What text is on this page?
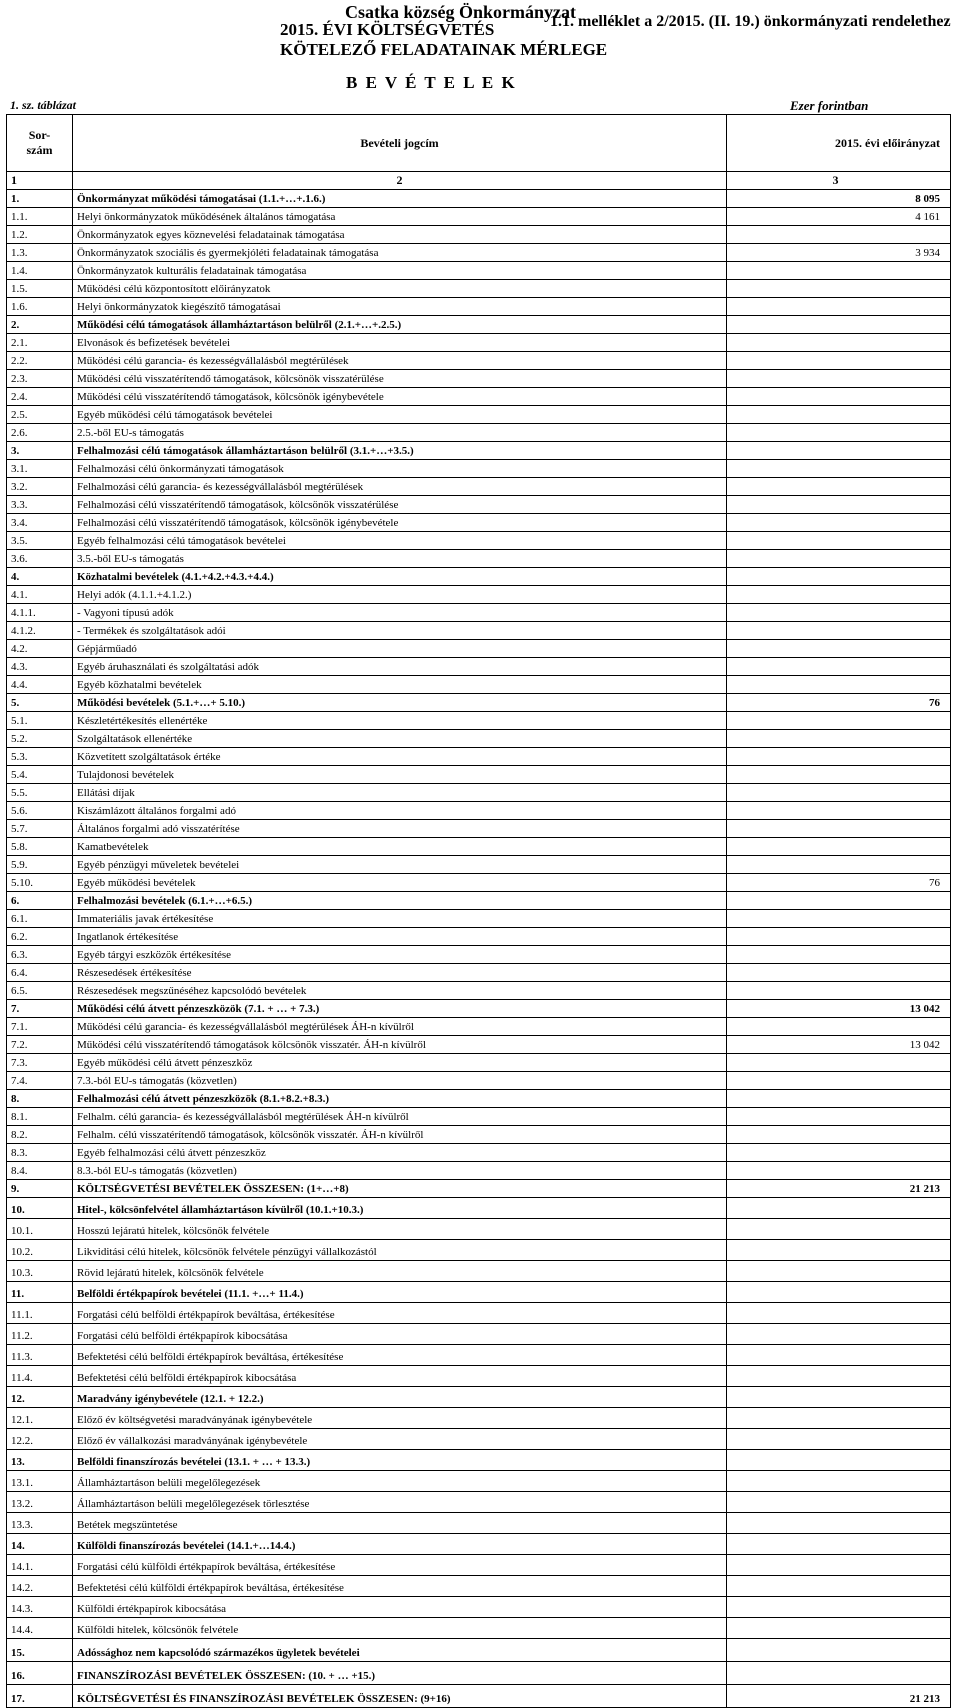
Csatka község Önkormányzat
2015. ÉVI KÖLTSÉGVETÉS	1.1. melléklet a 2/2015. (II. 19.) önkormányzati rendelethez
KÖTELEZŐ FELADATAINAK MÉRLEGE
B E V É T E L E K
1. sz. táblázat	Ezer forintban
Sor-
szám	Bevételi jogcím	2015. évi előirányzat
1	2	3
1.	Önkormányzat működési támogatásai (1.1.+…+.1.6.)	8 095
1.1.	Helyi önkormányzatok működésének általános támogatása	4 161
1.2.	Önkormányzatok egyes köznevelési feladatainak támogatása	
1.3.	Önkormányzatok szociális és gyermekjóléti feladatainak támogatása	3 934
1.4.	Önkormányzatok kulturális feladatainak támogatása	
1.5.	Működési célú központosított előirányzatok	
1.6.	Helyi önkormányzatok kiegészítő támogatásai	
2.	Működési célú támogatások államháztartáson belülről (2.1.+…+.2.5.)	
2.1.	Elvonások és befizetések bevételei	
2.2.	Működési célú garancia- és kezességvállalásból megtérülések	
2.3.	Működési célú visszatérítendő támogatások, kölcsönök visszatérülése	
2.4.	Működési célú visszatérítendő támogatások, kölcsönök igénybevétele	
2.5.	Egyéb működési célú támogatások bevételei	
2.6.	2.5.-ből EU-s támogatás	
3.	Felhalmozási célú támogatások államháztartáson belülről (3.1.+…+3.5.)	
3.1.	Felhalmozási célú önkormányzati támogatások	
3.2.	Felhalmozási célú garancia- és kezességvállalásból megtérülések	
3.3.	Felhalmozási célú visszatérítendő támogatások, kölcsönök visszatérülése	
3.4.	Felhalmozási célú visszatérítendő támogatások, kölcsönök igénybevétele	
3.5.	Egyéb felhalmozási célú támogatások bevételei	
3.6.	3.5.-ből EU-s támogatás	
4.	Közhatalmi bevételek (4.1.+4.2.+4.3.+4.4.)	
4.1.	Helyi adók (4.1.1.+4.1.2.)	
4.1.1.	- Vagyoni típusú adók	
4.1.2.	- Termékek és szolgáltatások adói	
4.2.	Gépjárműadó	
4.3.	Egyéb áruhasználati és szolgáltatási adók	
4.4.	Egyéb közhatalmi bevételek	
5.	Működési bevételek (5.1.+…+ 5.10.)	76
5.1.	Készletértékesítés ellenértéke	
5.2.	Szolgáltatások ellenértéke	
5.3.	Közvetített szolgáltatások értéke	
5.4.	Tulajdonosi bevételek	
5.5.	Ellátási díjak	
5.6.	Kiszámlázott általános forgalmi adó	
5.7.	Általános forgalmi adó visszatérítése	
5.8.	Kamatbevételek	
5.9.	Egyéb pénzügyi műveletek bevételei	
5.10.	Egyéb működési bevételek	76
6.	Felhalmozási bevételek (6.1.+…+6.5.)	
6.1.	Immateriális javak értékesítése	
6.2.	Ingatlanok értékesítése	
6.3.	Egyéb tárgyi eszközök értékesítése	
6.4.	Részesedések értékesítése	
6.5.	Részesedések megszűnéséhez kapcsolódó bevételek	
7.	Működési célú átvett pénzeszközök (7.1. + … + 7.3.)	13 042
7.1.	Működési célú garancia- és kezességvállalásból megtérülések ÁH-n kívülről	
7.2.	Működési célú visszatérítendő támogatások kölcsönök visszatér. ÁH-n kívülről	13 042
7.3.	Egyéb működési célú átvett pénzeszköz	
7.4.	7.3.-ból EU-s támogatás (közvetlen)	
8.	Felhalmozási célú átvett pénzeszközök (8.1.+8.2.+8.3.)	
8.1.	Felhalm. célú garancia- és kezességvállalásból megtérülések ÁH-n kívülről	
8.2.	Felhalm. célú visszatérítendő támogatások, kölcsönök visszatér. ÁH-n kívülről	
8.3.	Egyéb felhalmozási célú átvett pénzeszköz	
8.4.	8.3.-ból EU-s támogatás (közvetlen)	
9.	KÖLTSÉGVETÉSI BEVÉTELEK ÖSSZESEN: (1+…+8)	21 213
10.	Hitel-, kölcsönfelvétel államháztartáson kívülről (10.1.+10.3.)	
10.1.	Hosszú lejáratú hitelek, kölcsönök felvétele	
10.2.	Likviditási célú hitelek, kölcsönök felvétele pénzügyi vállalkozástól	
10.3.	Rövid lejáratú hitelek, kölcsönök felvétele	
11.	Belföldi értékpapírok bevételei (11.1. +…+ 11.4.)	
11.1.	Forgatási célú belföldi értékpapírok beváltása, értékesítése	
11.2.	Forgatási célú belföldi értékpapírok kibocsátása	
11.3.	Befektetési célú belföldi értékpapírok beváltása, értékesítése	
11.4.	Befektetési célú belföldi értékpapírok kibocsátása	
12.	Maradvány igénybevétele (12.1. + 12.2.)	
12.1.	Előző év költségvetési maradványának igénybevétele	
12.2.	Előző év vállalkozási maradványának igénybevétele	
13.	Belföldi finanszírozás bevételei (13.1. + … + 13.3.)	
13.1.	Államháztartáson belüli megelőlegezések	
13.2.	Államháztartáson belüli megelőlegezések törlesztése	
13.3.	Betétek megszüntetése	
14.	Külföldi finanszírozás bevételei (14.1.+…14.4.)	
14.1.	Forgatási célú külföldi értékpapírok beváltása, értékesítése	
14.2.	Befektetési célú külföldi értékpapírok beváltása, értékesítése	
14.3.	Külföldi értékpapírok kibocsátása	
14.4.	Külföldi hitelek, kölcsönök felvétele	
15.	Adóssághoz nem kapcsolódó származékos ügyletek bevételei	
16.	FINANSZÍROZÁSI BEVÉTELEK ÖSSZESEN: (10. + … +15.)	
17.	KÖLTSÉGVETÉSI ÉS FINANSZÍROZÁSI BEVÉTELEK ÖSSZESEN: (9+16)	21 213
